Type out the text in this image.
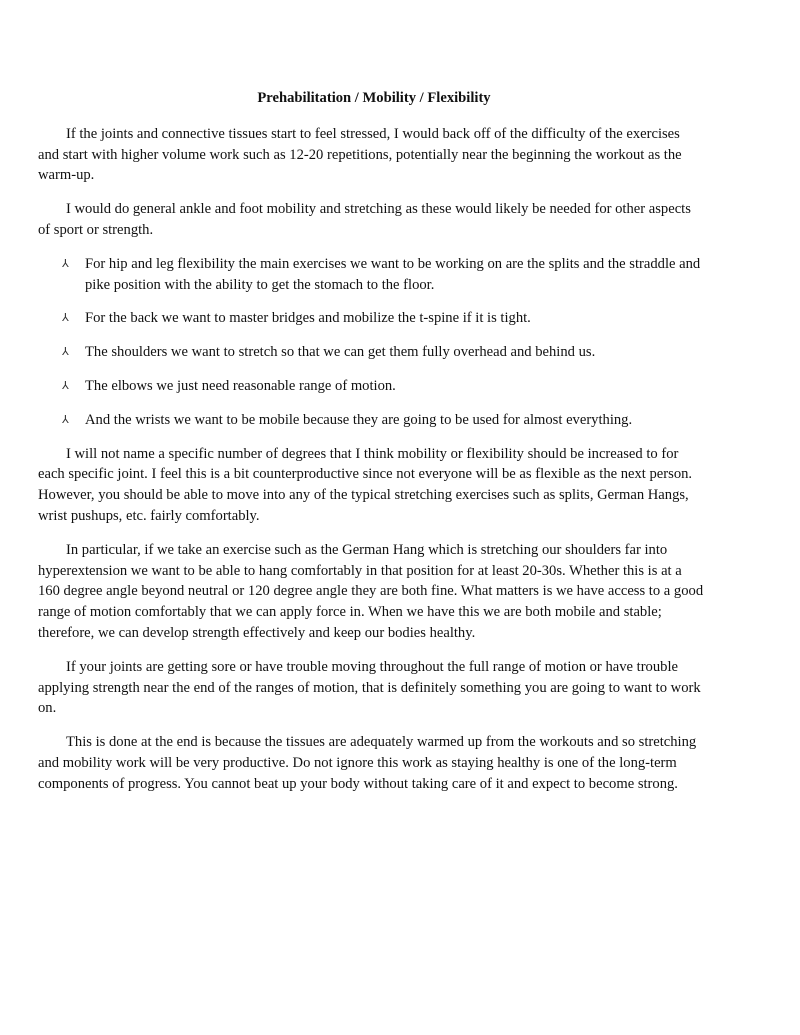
Prehabilitation / Mobility / Flexibility

If the joints and connective tissues start to feel stressed, I would back off of the difficulty of the exercises and start with higher volume work such as 12-20 repetitions, potentially near the beginning the workout as the warm-up.

I would do general ankle and foot mobility and stretching as these would likely be needed for other aspects of sport or strength.

⅄ For hip and leg flexibility the main exercises we want to be working on are the splits and the straddle and pike position with the ability to get the stomach to the floor.
⅄ For the back we want to master bridges and mobilize the t-spine if it is tight.
⅄ The shoulders we want to stretch so that we can get them fully overhead and behind us.
⅄ The elbows we just need reasonable range of motion.
⅄ And the wrists we want to be mobile because they are going to be used for almost everything.

I will not name a specific number of degrees that I think mobility or flexibility should be increased to for each specific joint. I feel this is a bit counterproductive since not everyone will be as flexible as the next person. However, you should be able to move into any of the typical stretching exercises such as splits, German Hangs, wrist pushups, etc. fairly comfortably.

In particular, if we take an exercise such as the German Hang which is stretching our shoulders far into hyperextension we want to be able to hang comfortably in that position for at least 20-30s. Whether this is at a 160 degree angle beyond neutral or 120 degree angle they are both fine. What matters is we have access to a good range of motion comfortably that we can apply force in. When we have this we are both mobile and stable; therefore, we can develop strength effectively and keep our bodies healthy.

If your joints are getting sore or have trouble moving throughout the full range of motion or have trouble applying strength near the end of the ranges of motion, that is definitely something you are going to want to work on.

This is done at the end is because the tissues are adequately warmed up from the workouts and so stretching and mobility work will be very productive. Do not ignore this work as staying healthy is one of the long-term components of progress. You cannot beat up your body without taking care of it and expect to become strong.
